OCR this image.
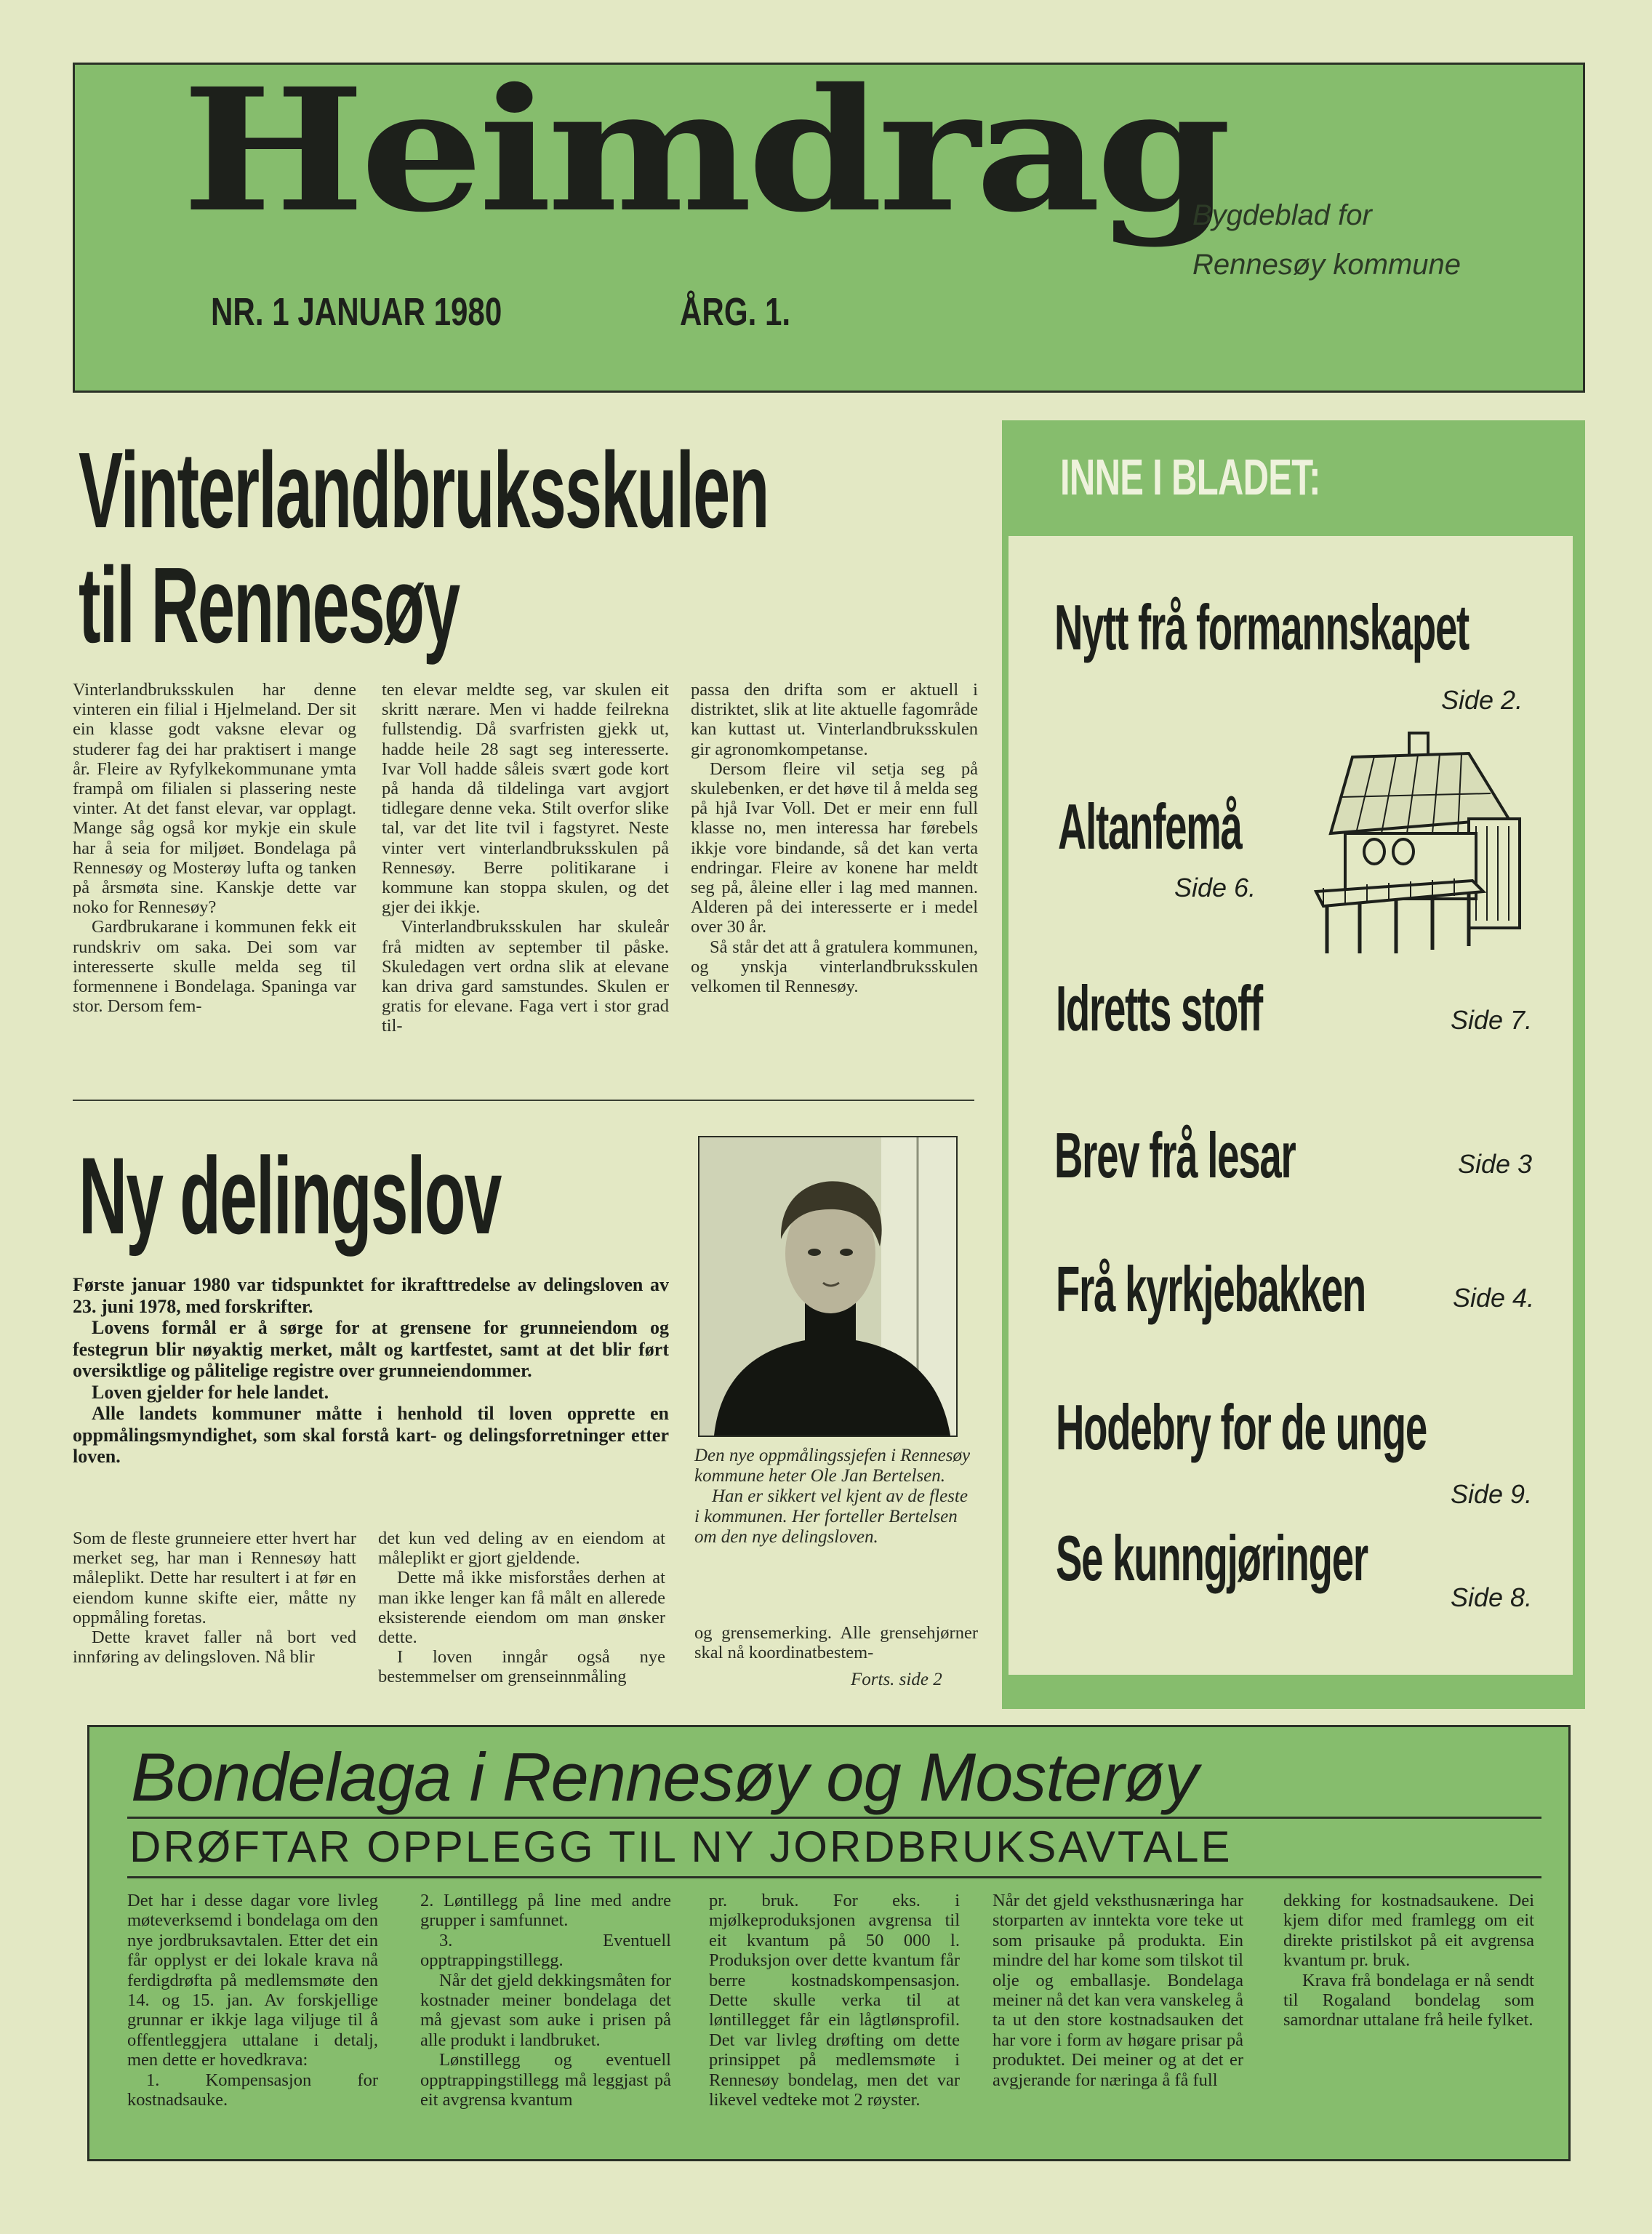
Heimdrag
NR. 1 JANUAR 1980	ÅRG. 1.
Bygdeblad for
Rennesøy kommune
Vinterlandbruksskulen
til Rennesøy

Vinterlandbruksskulen har denne vinteren ein filial i Hjelmeland. Der sit ein klasse godt vaksne elevar og studerer fag dei har praktisert i mange år. Fleire av Ryfylkekommunane ymta frampå om filialen si plassering neste vinter. At det fanst elevar, var opplagt. Mange såg også kor mykje ein skule har å seia for miljøet. Bondelaga på Rennesøy og Mosterøy lufta og tanken på årsmøta sine. Kanskje dette var noko for Rennesøy?

Gardbrukarane i kommunen fekk eit rundskriv om saka. Dei som var interesserte skulle melda seg til formennene i Bondelaga. Spaninga var stor. Dersom fem-

ten elevar meldte seg, var skulen eit skritt nærare. Men vi hadde feilrekna fullstendig. Då svarfristen gjekk ut, hadde heile 28 sagt seg interesserte. Ivar Voll hadde såleis svært gode kort på handa då tildelinga vart avgjort tidlegare denne veka. Stilt overfor slike tal, var det lite tvil i fagstyret. Neste vinter vert vinterlandbruksskulen på Rennesøy. Berre politikarane i kommune kan stoppa skulen, og det gjer dei ikkje.

Vinterlandbruksskulen har skuleår frå midten av september til påske. Skuledagen vert ordna slik at elevane kan driva gard samstundes. Skulen er gratis for elevane. Faga vert i stor grad til-

passa den drifta som er aktuell i distriktet, slik at lite aktuelle fagområde kan kuttast ut. Vinterlandbruksskulen gir agronomkompetanse.

Dersom fleire vil setja seg på skulebenken, er det høve til å melda seg på hjå Ivar Voll. Det er meir enn full klasse no, men interessa har førebels ikkje vore bindande, så det kan verta endringar. Fleire av konene har meldt seg på, åleine eller i lag med mannen. Alderen på dei interesserte er i medel over 30 år.

Så står det att å gratulera kommunen, og ynskja vinterlandbruksskulen velkomen til Rennesøy.

Ny delingslov

Første januar 1980 var tidspunktet for ikrafttredelse av delingsloven av 23. juni 1978, med forskrifter.

Lovens formål er å sørge for at grensene for grunneiendom og festegrun blir nøyaktig merket, målt og kartfestet, samt at det blir ført oversiktlige og pålitelige registre over grunneiendommer.

Loven gjelder for hele landet.

Alle landets kommuner måtte i henhold til loven opprette en oppmålingsmyndighet, som skal forstå kart- og delingsforretninger etter loven.	Den nye oppmålingssjefen i Rennesøy kommune heter Ole Jan Bertelsen.

Han er sikkert vel kjent av de fleste i kommunen. Her forteller Bertelsen om den nye delingsloven.

Som de fleste grunneiere etter hvert har merket seg, har man i Rennesøy hatt måleplikt. Dette har resultert i at før en eiendom kunne skifte eier, måtte ny oppmåling foretas.

Dette kravet faller nå bort ved innføring av delingsloven. Nå blir

det kun ved deling av en eiendom at måleplikt er gjort gjeldende.

Dette må ikke misforståes derhen at man ikke lenger kan få målt en allerede eksisterende eiendom om man ønsker dette.

I loven inngår også nye bestemmelser om grenseinnmåling

og grensemerking. Alle grensehjørner skal nå koordinatbestem-

Forts. side 2
INNE I BLADET:
Nytt frå formannskapet
Side 2.
Altanfemå
Side 6.
Idretts stoff	Side 7.
Brev frå lesar	Side 3
Frå kyrkjebakken	Side 4.
Hodebry for de unge
Side 9.
Se kunngjøringer
Side 8.
Bondelaga i Rennesøy og Mosterøy
DRØFTAR OPPLEGG TIL NY JORDBRUKSAVTALE

Det har i desse dagar vore livleg møteverksemd i bondelaga om den nye jordbruksavtalen. Etter det ein får opplyst er dei lokale krava nå ferdigdrøfta på medlemsmøte den 14. og 15. jan. Av forskjellige grunnar er ikkje laga viljuge til å offentleggjera uttalane i detalj, men dette er hovedkrava:

1. Kompensasjon for kostnadsauke.

2. Løntillegg på line med andre grupper i samfunnet.

3. Eventuell opptrappingstillegg.

Når det gjeld dekkingsmåten for kostnader meiner bondelaga det må gjevast som auke i prisen på alle produkt i landbruket.

Lønstillegg og eventuell opptrappingstillegg må leggjast på eit avgrensa kvantum

pr. bruk. For eks. i mjølkeproduksjonen avgrensa til eit kvantum på 50 000 l. Produksjon over dette kvantum får berre kostnadskompensasjon. Dette skulle verka til at løntillegget får ein lågtlønsprofil. Det var livleg drøfting om dette prinsippet på medlemsmøte i Rennesøy bondelag, men det var likevel vedteke mot 2 røyster.

Når det gjeld veksthusnæringa har storparten av inntekta vore teke ut som prisauke på produkta. Ein mindre del har kome som tilskot til olje og emballasje. Bondelaga meiner nå det kan vera vanskeleg å ta ut den store kostnadsauken det har vore i form av høgare prisar på produktet. Dei meiner og at det er avgjerande for næringa å få full

dekking for kostnadsaukene. Dei kjem difor med framlegg om eit direkte pristilskot på eit avgrensa kvantum pr. bruk.

Krava frå bondelaga er nå sendt til Rogaland bondelag som samordnar uttalane frå heile fylket.
